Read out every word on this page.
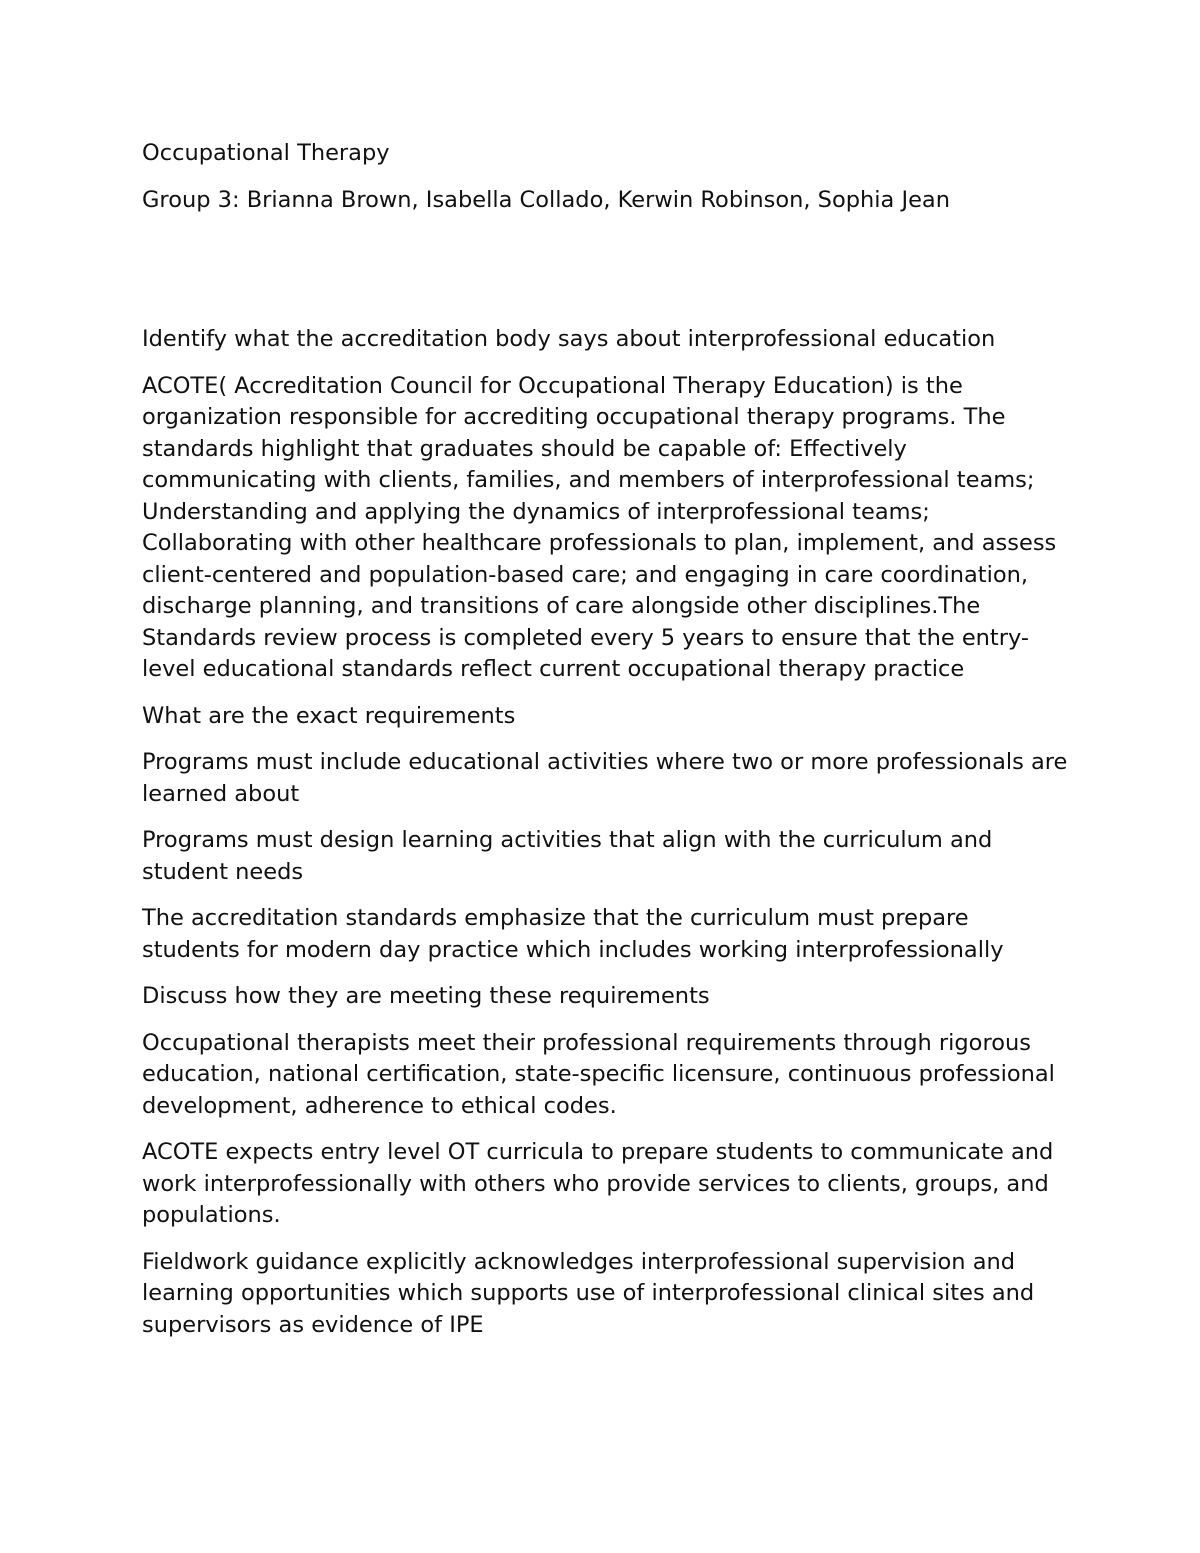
Occupational Therapy

Group 3: Brianna Brown, Isabella Collado, Kerwin Robinson, Sophia Jean

Identify what the accreditation body says about interprofessional education

ACOTE( Accreditation Council for Occupational Therapy Education) is the organization responsible for accrediting occupational therapy programs. The standards highlight that graduates should be capable of: Effectively communicating with clients, families, and members of interprofessional teams; Understanding and applying the dynamics of interprofessional teams; Collaborating with other healthcare professionals to plan, implement, and assess client-centered and population-based care; and engaging in care coordination, discharge planning, and transitions of care alongside other disciplines.The Standards review process is completed every 5 years to ensure that the entry-level educational standards reflect current occupational therapy practice

What are the exact requirements

Programs must include educational activities where two or more professionals are learned about

Programs must design learning activities that align with the curriculum and student needs

The accreditation standards emphasize that the curriculum must prepare students for modern day practice which includes working interprofessionally

Discuss how they are meeting these requirements

Occupational therapists meet their professional requirements through rigorous education, national certification, state-specific licensure, continuous professional development, adherence to ethical codes.

ACOTE expects entry level OT curricula to prepare students to communicate and work interprofessionally with others who provide services to clients, groups, and populations.

Fieldwork guidance explicitly acknowledges interprofessional supervision and learning opportunities which supports use of interprofessional clinical sites and supervisors as evidence of IPE
